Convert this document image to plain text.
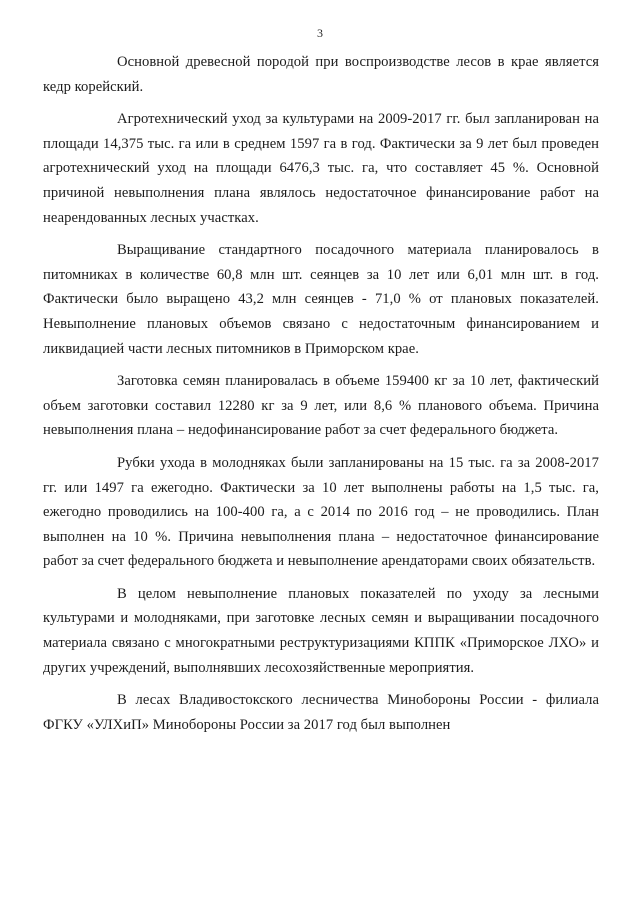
3

Основной древесной породой при воспроизводстве лесов в крае является кедр корейский.

Агротехнический уход за культурами на 2009-2017 гг. был запланирован на площади 14,375 тыс. га или в среднем 1597 га в год. Фактически за 9 лет был проведен агротехнический уход на площади 6476,3 тыс. га, что составляет 45 %. Основной причиной невыполнения плана являлось недостаточное финансирование работ на неарендованных лесных участках.

Выращивание стандартного посадочного материала планировалось в питомниках в количестве 60,8 млн шт. сеянцев за 10 лет или 6,01 млн шт. в год. Фактически было выращено 43,2 млн сеянцев - 71,0 % от плановых показателей. Невыполнение плановых объемов связано с недостаточным финансированием и ликвидацией части лесных питомников в Приморском крае.

Заготовка семян планировалась в объеме 159400 кг за 10 лет, фактический объем заготовки составил 12280 кг за 9 лет, или 8,6 % планового объема. Причина невыполнения плана – недофинансирование работ за счет федерального бюджета.

Рубки ухода в молодняках были запланированы на 15 тыс. га за 2008-2017 гг. или 1497 га ежегодно. Фактически за 10 лет выполнены работы на 1,5 тыс. га, ежегодно проводились на 100-400 га, а с 2014 по 2016 год – не проводились. План выполнен на 10 %. Причина невыполнения плана – недостаточное финансирование работ за счет федерального бюджета и невыполнение арендаторами своих обязательств.

В целом невыполнение плановых показателей по уходу за лесными культурами и молодняками, при заготовке лесных семян и выращивании посадочного материала связано с многократными реструктуризациями КППК «Приморское ЛХО» и других учреждений, выполнявших лесохозяйственные мероприятия.

В лесах Владивостокского лесничества Минобороны России - филиала ФГКУ «УЛХиП» Минобороны России за 2017 год был выполнен
